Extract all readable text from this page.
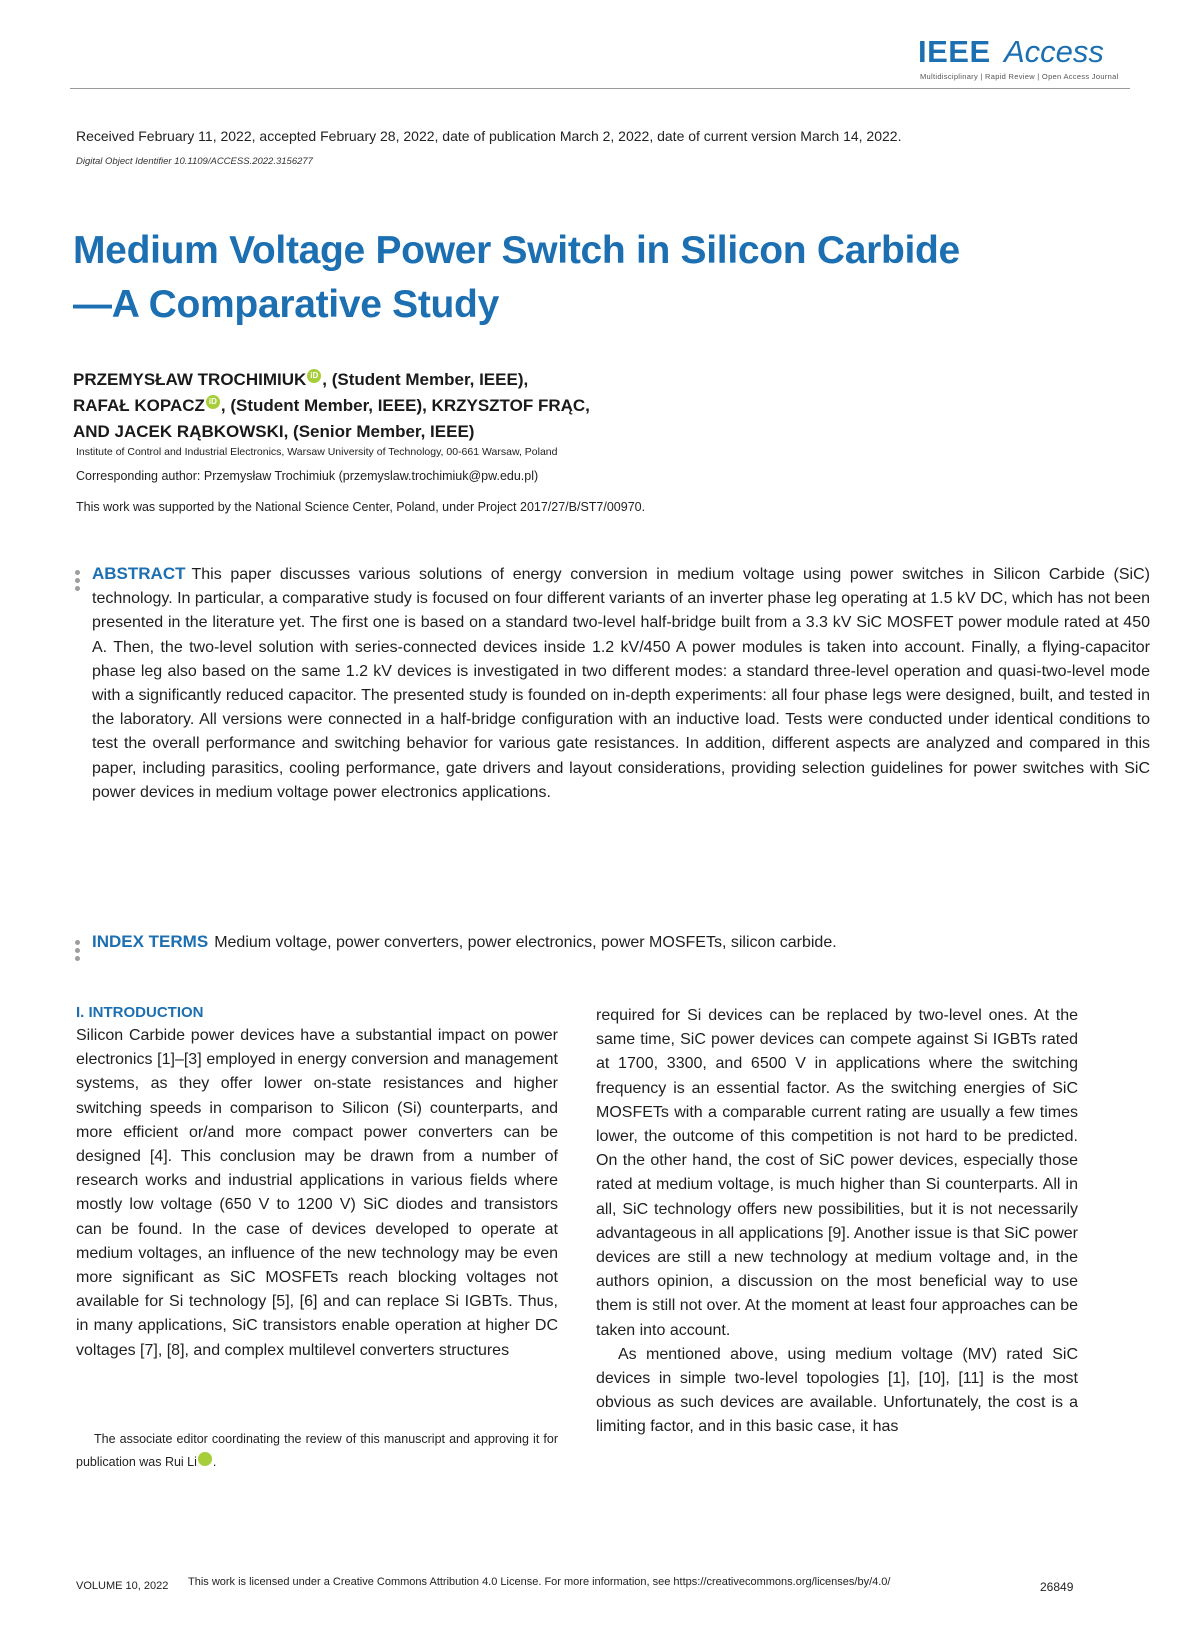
IEEE Access
Multidisciplinary | Rapid Review | Open Access Journal
Received February 11, 2022, accepted February 28, 2022, date of publication March 2, 2022, date of current version March 14, 2022.
Digital Object Identifier 10.1109/ACCESS.2022.3156277
Medium Voltage Power Switch in Silicon Carbide—A Comparative Study
PRZEMYSŁAW TROCHIMIUK iD , (Student Member, IEEE),
RAFAŁ KOPACZ iD , (Student Member, IEEE), KRZYSZTOF FRĄC,
AND JACEK RĄBKOWSKI, (Senior Member, IEEE)
Institute of Control and Industrial Electronics, Warsaw University of Technology, 00-661 Warsaw, Poland
Corresponding author: Przemysław Trochimiuk (przemyslaw.trochimiuk@pw.edu.pl)
This work was supported by the National Science Center, Poland, under Project 2017/27/B/ST7/00970.
ABSTRACT This paper discusses various solutions of energy conversion in medium voltage using power switches in Silicon Carbide (SiC) technology. In particular, a comparative study is focused on four different variants of an inverter phase leg operating at 1.5 kV DC, which has not been presented in the literature yet. The first one is based on a standard two-level half-bridge built from a 3.3 kV SiC MOSFET power module rated at 450 A. Then, the two-level solution with series-connected devices inside 1.2 kV/450 A power modules is taken into account. Finally, a flying-capacitor phase leg also based on the same 1.2 kV devices is investigated in two different modes: a standard three-level operation and quasi-two-level mode with a significantly reduced capacitor. The presented study is founded on in-depth experiments: all four phase legs were designed, built, and tested in the laboratory. All versions were connected in a half-bridge configuration with an inductive load. Tests were conducted under identical conditions to test the overall performance and switching behavior for various gate resistances. In addition, different aspects are analyzed and compared in this paper, including parasitics, cooling performance, gate drivers and layout considerations, providing selection guidelines for power switches with SiC power devices in medium voltage power electronics applications.
INDEX TERMS Medium voltage, power converters, power electronics, power MOSFETs, silicon carbide.
I. INTRODUCTION

Silicon Carbide power devices have a substantial impact on power electronics [1]–[3] employed in energy conversion and management systems, as they offer lower on-state resistances and higher switching speeds in comparison to Silicon (Si) counterparts, and more efficient or/and more compact power converters can be designed [4]. This conclusion may be drawn from a number of research works and industrial applications in various fields where mostly low voltage (650 V to 1200 V) SiC diodes and transistors can be found. In the case of devices developed to operate at medium voltages, an influence of the new technology may be even more significant as SiC MOSFETs reach blocking voltages not available for Si technology [5], [6] and can replace Si IGBTs. Thus, in many applications, SiC transistors enable operation at higher DC voltages [7], [8], and complex multilevel converters structures

required for Si devices can be replaced by two-level ones. At the same time, SiC power devices can compete against Si IGBTs rated at 1700, 3300, and 6500 V in applications where the switching frequency is an essential factor. As the switching energies of SiC MOSFETs with a comparable current rating are usually a few times lower, the outcome of this competition is not hard to be predicted. On the other hand, the cost of SiC power devices, especially those rated at medium voltage, is much higher than Si counterparts. All in all, SiC technology offers new possibilities, but it is not necessarily advantageous in all applications [9]. Another issue is that SiC power devices are still a new technology at medium voltage and, in the authors opinion, a discussion on the most beneficial way to use them is still not over. At the moment at least four approaches can be taken into account.

As mentioned above, using medium voltage (MV) rated SiC devices in simple two-level topologies [1], [10], [11] is the most obvious as such devices are available. Unfortunately, the cost is a limiting factor, and in this basic case, it has

The associate editor coordinating the review of this manuscript and approving it for publication was Rui Li iD.
VOLUME 10, 2022 This work is licensed under a Creative Commons Attribution 4.0 License. For more information, see https://creativecommons.org/licenses/by/4.0/	26849
